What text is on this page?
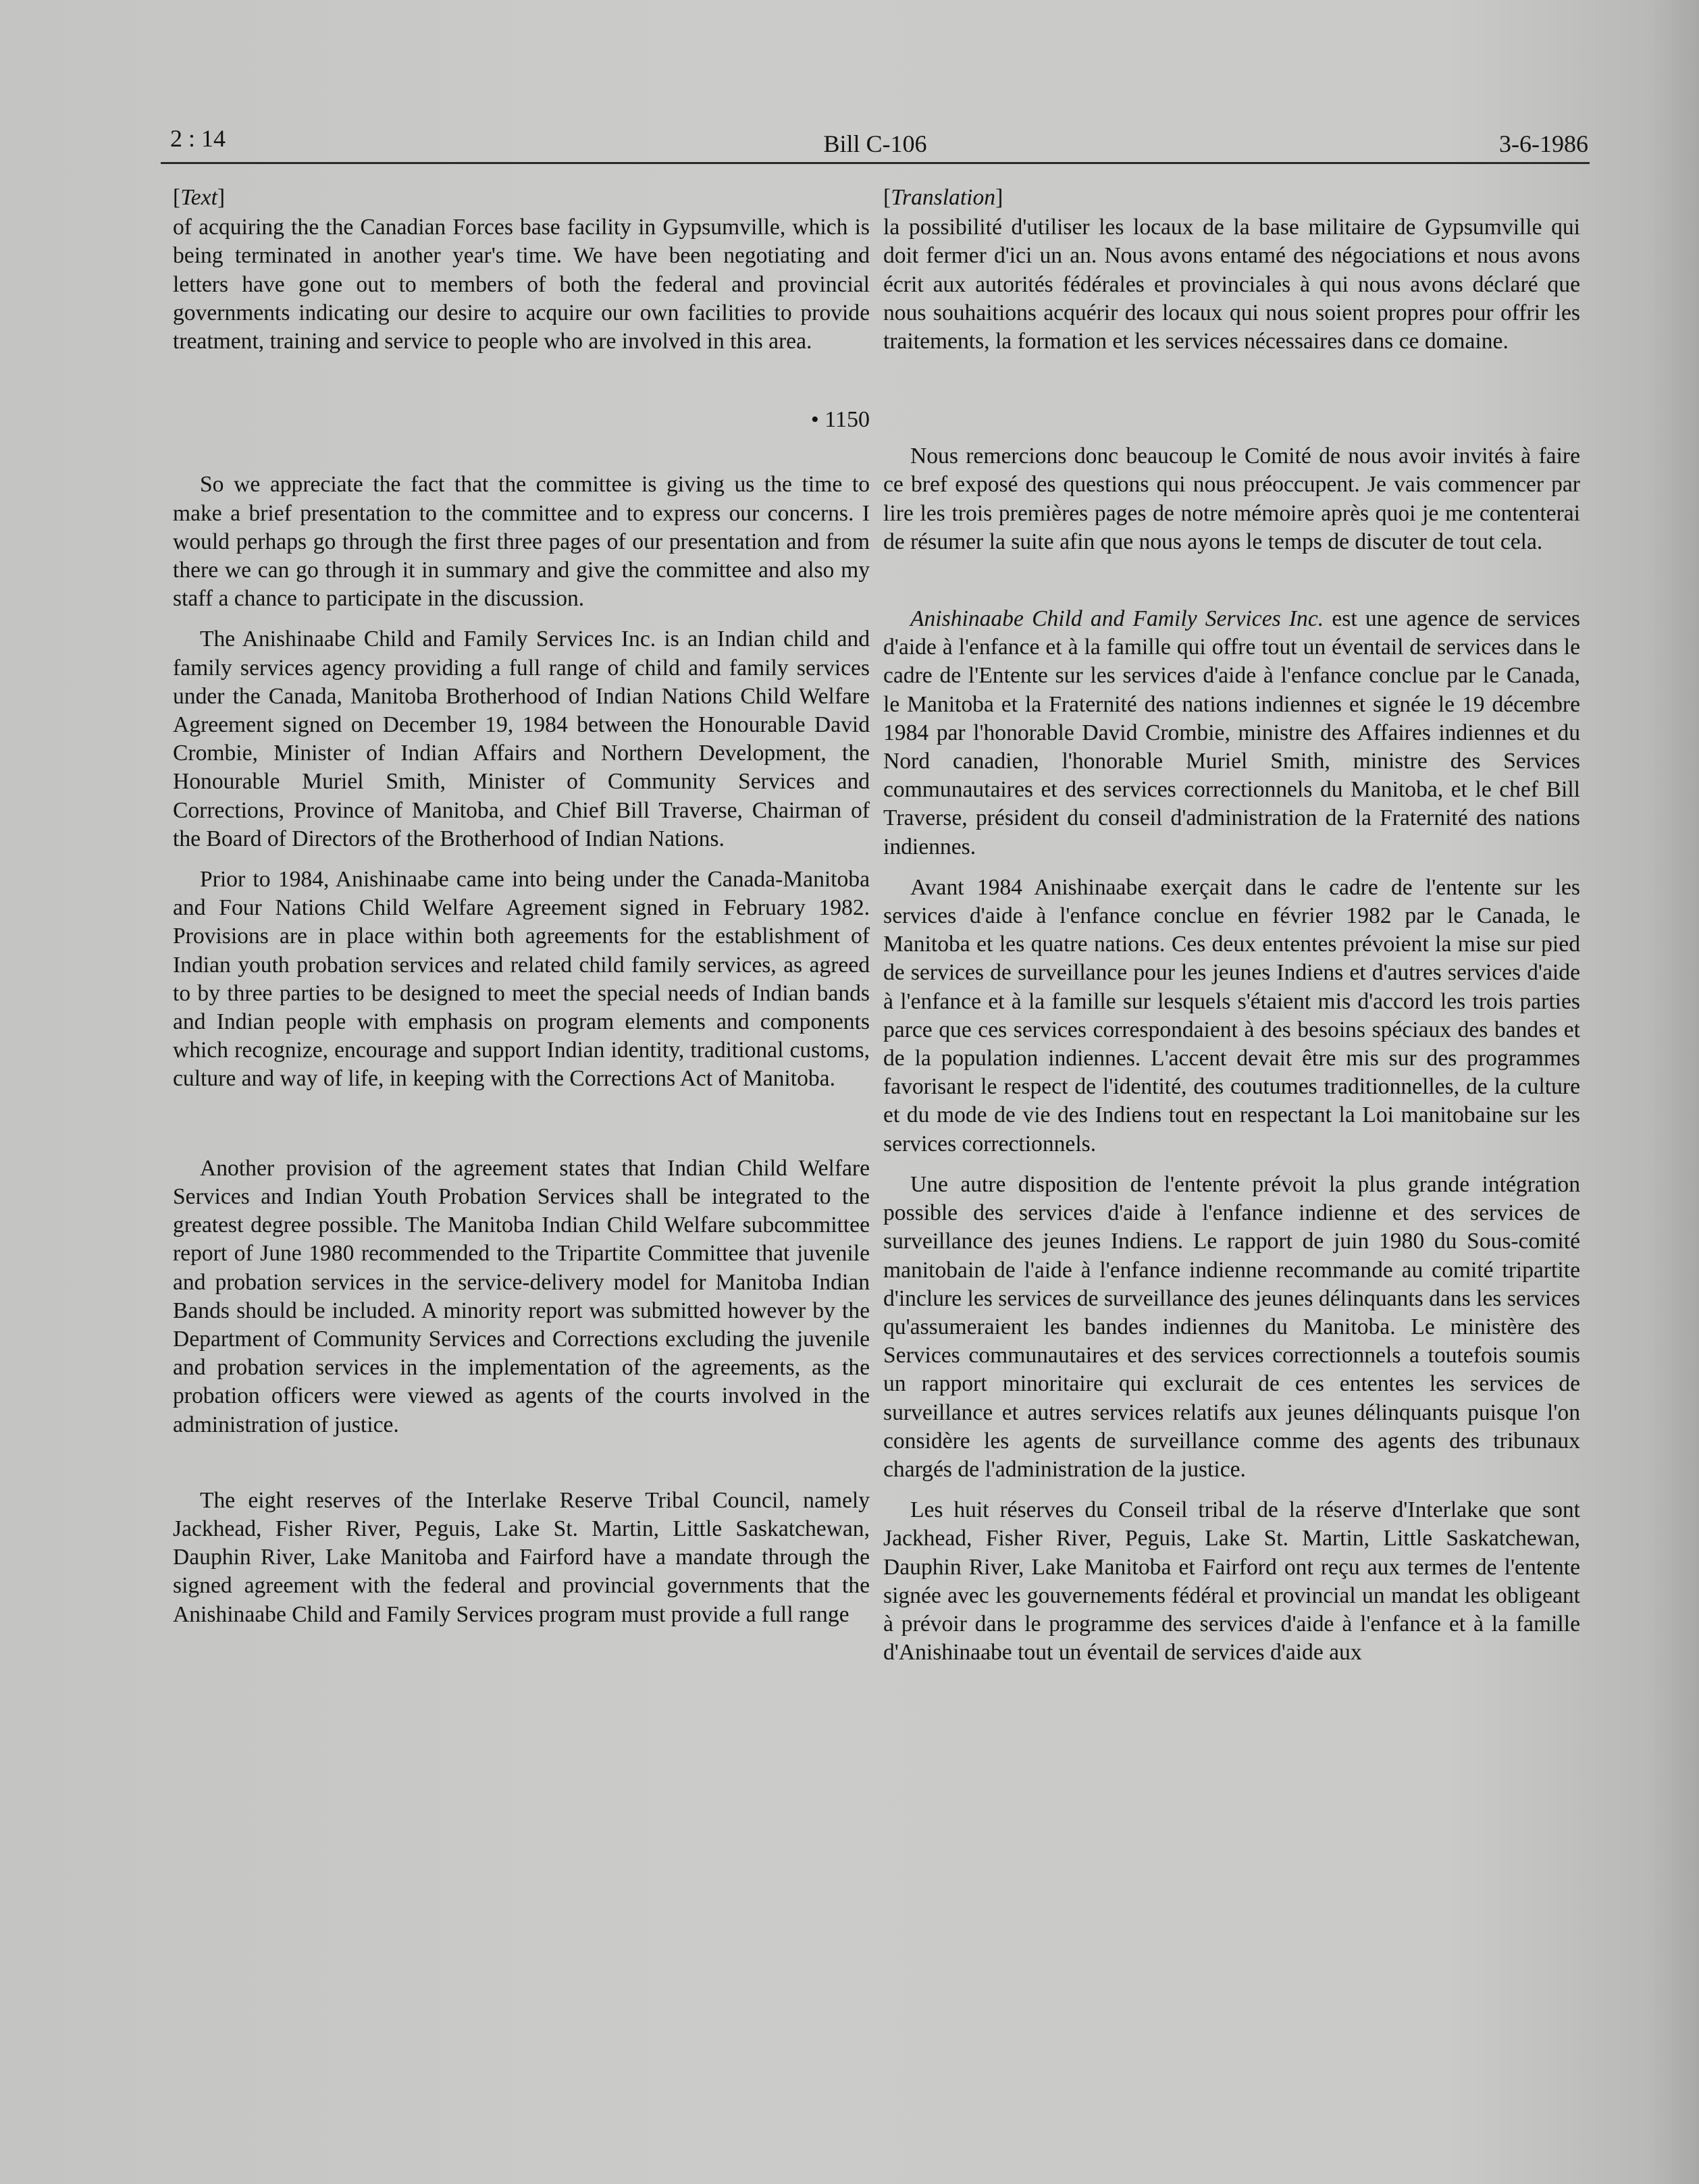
2 : 14	Bill C-106	3-6-1986

[Text]

of acquiring the the Canadian Forces base facility in Gypsumville, which is being terminated in another year's time. We have been negotiating and letters have gone out to members of both the federal and provincial governments indicating our desire to acquire our own facilities to provide treatment, training and service to people who are involved in this area.

• 1150

So we appreciate the fact that the committee is giving us the time to make a brief presentation to the committee and to express our concerns. I would perhaps go through the first three pages of our presentation and from there we can go through it in summary and give the committee and also my staff a chance to participate in the discussion.

The Anishinaabe Child and Family Services Inc. is an Indian child and family services agency providing a full range of child and family services under the Canada, Manitoba Brotherhood of Indian Nations Child Welfare Agreement signed on December 19, 1984 between the Honourable David Crombie, Minister of Indian Affairs and Northern Development, the Honourable Muriel Smith, Minister of Community Services and Corrections, Province of Manitoba, and Chief Bill Traverse, Chairman of the Board of Directors of the Brotherhood of Indian Nations.

Prior to 1984, Anishinaabe came into being under the Canada-Manitoba and Four Nations Child Welfare Agreement signed in February 1982. Provisions are in place within both agreements for the establishment of Indian youth probation services and related child family services, as agreed to by three parties to be designed to meet the special needs of Indian bands and Indian people with emphasis on program elements and components which recognize, encourage and support Indian identity, traditional customs, culture and way of life, in keeping with the Corrections Act of Manitoba.

Another provision of the agreement states that Indian Child Welfare Services and Indian Youth Probation Services shall be integrated to the greatest degree possible. The Manitoba Indian Child Welfare subcommittee report of June 1980 recommended to the Tripartite Committee that juvenile and probation services in the service-delivery model for Manitoba Indian Bands should be included. A minority report was submitted however by the Department of Community Services and Corrections excluding the juvenile and probation services in the implementation of the agreements, as the probation officers were viewed as agents of the courts involved in the administration of justice.

The eight reserves of the Interlake Reserve Tribal Council, namely Jackhead, Fisher River, Peguis, Lake St. Martin, Little Saskatchewan, Dauphin River, Lake Manitoba and Fairford have a mandate through the signed agreement with the federal and provincial governments that the Anishinaabe Child and Family Services program must provide a full range

[Translation]

la possibilité d'utiliser les locaux de la base militaire de Gypsumville qui doit fermer d'ici un an. Nous avons entamé des négociations et nous avons écrit aux autorités fédérales et provinciales à qui nous avons déclaré que nous souhaitions acquérir des locaux qui nous soient propres pour offrir les traitements, la formation et les services nécessaires dans ce domaine.

Nous remercions donc beaucoup le Comité de nous avoir invités à faire ce bref exposé des questions qui nous préoccupent. Je vais commencer par lire les trois premières pages de notre mémoire après quoi je me contenterai de résumer la suite afin que nous ayons le temps de discuter de tout cela.

Anishinaabe Child and Family Services Inc. est une agence de services d'aide à l'enfance et à la famille qui offre tout un éventail de services dans le cadre de l'Entente sur les services d'aide à l'enfance conclue par le Canada, le Manitoba et la Fraternité des nations indiennes et signée le 19 décembre 1984 par l'honorable David Crombie, ministre des Affaires indiennes et du Nord canadien, l'honorable Muriel Smith, ministre des Services communautaires et des services correctionnels du Manitoba, et le chef Bill Traverse, président du conseil d'administration de la Fraternité des nations indiennes.

Avant 1984 Anishinaabe exerçait dans le cadre de l'entente sur les services d'aide à l'enfance conclue en février 1982 par le Canada, le Manitoba et les quatre nations. Ces deux ententes prévoient la mise sur pied de services de surveillance pour les jeunes Indiens et d'autres services d'aide à l'enfance et à la famille sur lesquels s'étaient mis d'accord les trois parties parce que ces services correspondaient à des besoins spéciaux des bandes et de la population indiennes. L'accent devait être mis sur des programmes favorisant le respect de l'identité, des coutumes traditionnelles, de la culture et du mode de vie des Indiens tout en respectant la Loi manitobaine sur les services correctionnels.

Une autre disposition de l'entente prévoit la plus grande intégration possible des services d'aide à l'enfance indienne et des services de surveillance des jeunes Indiens. Le rapport de juin 1980 du Sous-comité manitobain de l'aide à l'enfance indienne recommande au comité tripartite d'inclure les services de surveillance des jeunes délinquants dans les services qu'assumeraient les bandes indiennes du Manitoba. Le ministère des Services communautaires et des services correctionnels a toutefois soumis un rapport minoritaire qui exclurait de ces ententes les services de surveillance et autres services relatifs aux jeunes délinquants puisque l'on considère les agents de surveillance comme des agents des tribunaux chargés de l'administration de la justice.

Les huit réserves du Conseil tribal de la réserve d'Interlake que sont Jackhead, Fisher River, Peguis, Lake St. Martin, Little Saskatchewan, Dauphin River, Lake Manitoba et Fairford ont reçu aux termes de l'entente signée avec les gouvernements fédéral et provincial un mandat les obligeant à prévoir dans le programme des services d'aide à l'enfance et à la famille d'Anishinaabe tout un éventail de services d'aide aux
